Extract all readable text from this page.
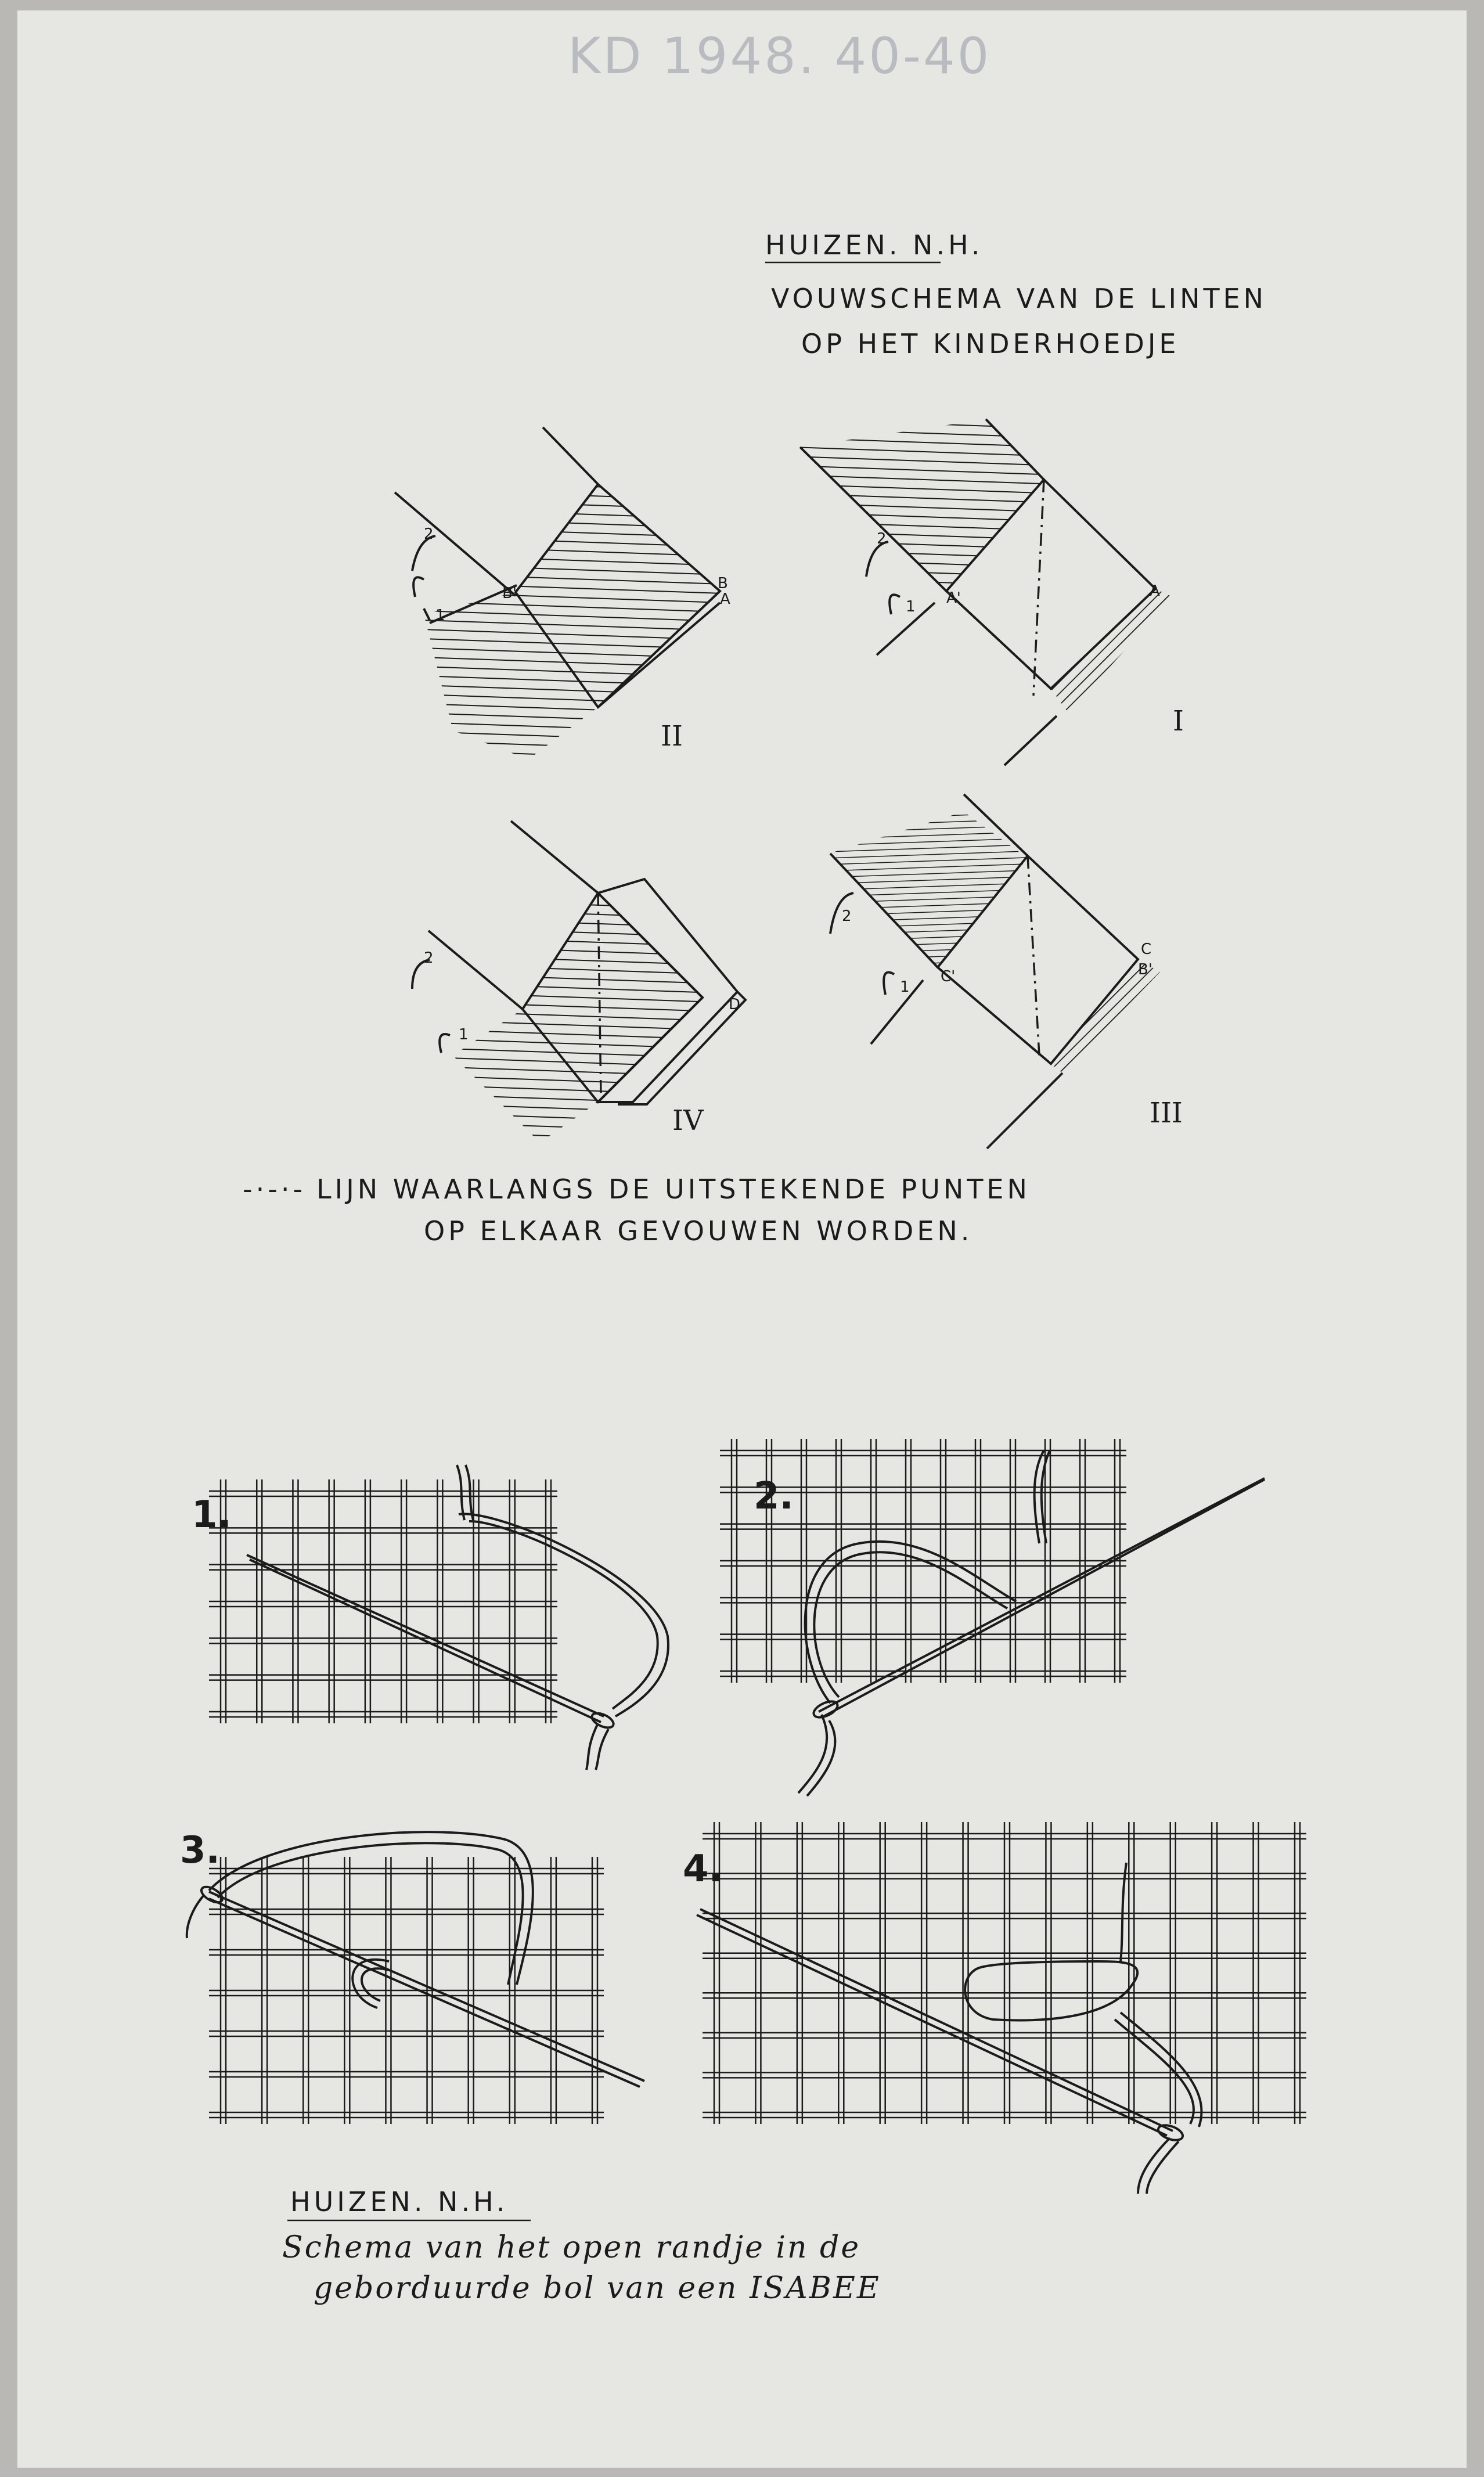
KD 1948. 40-40
HUIZEN. N.H.
VOUWSCHEMA VAN DE LINTEN
OP HET KINDERHOEDJE
2
1
B'
B
A
II
2
1 A'	A
I
2
1
D
IV
2
1
C'
C
B'
III
-·-·- LIJN WAARLANGS DE UITSTEKENDE PUNTEN
OP ELKAAR GEVOUWEN WORDEN.
1.	2.
3.	4.
HUIZEN. N.H.
Schema van het open randje in de
geborduurde bol van een ISABEE
